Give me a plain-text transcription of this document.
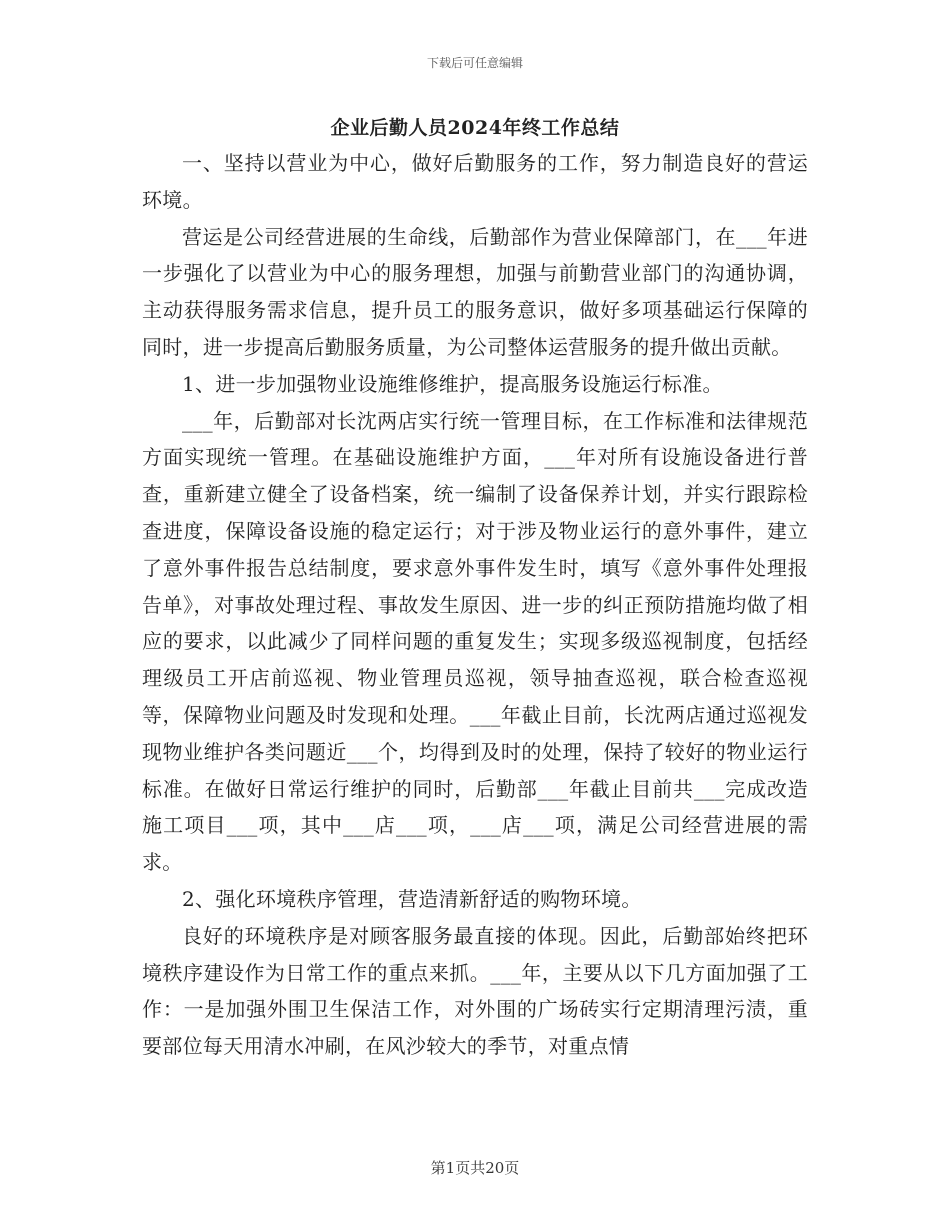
下载后可任意编辑
企业后勤人员2024年终工作总结

一、坚持以营业为中心，做好后勤服务的工作，努力制造良好的营运环境。

营运是公司经营进展的生命线，后勤部作为营业保障部门，在___年进一步强化了以营业为中心的服务理想，加强与前勤营业部门的沟通协调，主动获得服务需求信息，提升员工的服务意识，做好多项基础运行保障的同时，进一步提高后勤服务质量，为公司整体运营服务的提升做出贡献。

1、进一步加强物业设施维修维护，提高服务设施运行标准。

___年，后勤部对长沈两店实行统一管理目标，在工作标准和法律规范方面实现统一管理。在基础设施维护方面，___年对所有设施设备进行普查，重新建立健全了设备档案，统一编制了设备保养计划，并实行跟踪检查进度，保障设备设施的稳定运行；对于涉及物业运行的意外事件，建立了意外事件报告总结制度，要求意外事件发生时，填写《意外事件处理报告单》，对事故处理过程、事故发生原因、进一步的纠正预防措施均做了相应的要求，以此减少了同样问题的重复发生；实现多级巡视制度，包括经理级员工开店前巡视、物业管理员巡视，领导抽查巡视，联合检查巡视等，保障物业问题及时发现和处理。___年截止目前，长沈两店通过巡视发现物业维护各类问题近___个，均得到及时的处理，保持了较好的物业运行标准。在做好日常运行维护的同时，后勤部___年截止目前共___完成改造施工项目___项，其中___店___项，___店___项，满足公司经营进展的需求。

2、强化环境秩序管理，营造清新舒适的购物环境。

良好的环境秩序是对顾客服务最直接的体现。因此，后勤部始终把环境秩序建设作为日常工作的重点来抓。___年，主要从以下几方面加强了工作：一是加强外围卫生保洁工作，对外围的广场砖实行定期清理污渍，重要部位每天用清水冲刷，在风沙较大的季节，对重点情

第1页共20页
